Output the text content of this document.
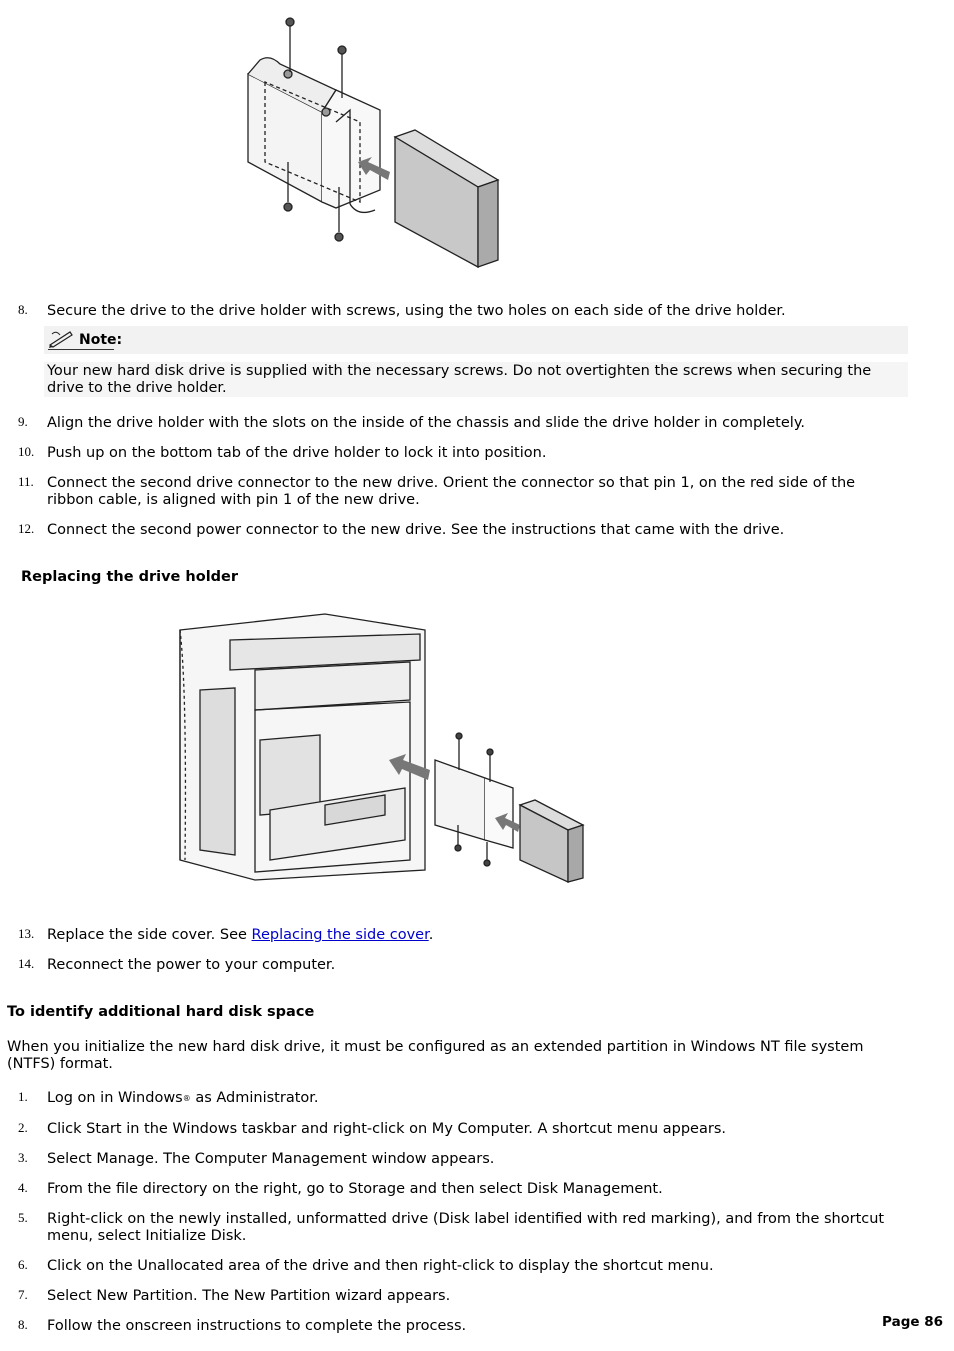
8. Secure the drive to the drive holder with screws, using the two holes on each side of the drive holder.
Note:
Your new hard disk drive is supplied with the necessary screws. Do not overtighten the screws when securing the drive to the drive holder.
9. Align the drive holder with the slots on the inside of the chassis and slide the drive holder in completely.
10. Push up on the bottom tab of the drive holder to lock it into position.
11. Connect the second drive connector to the new drive. Orient the connector so that pin 1, on the red side of the ribbon cable, is aligned with pin 1 of the new drive.
12. Connect the second power connector to the new drive. See the instructions that came with the drive.
Replacing the drive holder
13. Replace the side cover. See Replacing the side cover.
14. Reconnect the power to your computer.
To identify additional hard disk space
When you initialize the new hard disk drive, it must be configured as an extended partition in Windows NT file system (NTFS) format.
1. Log on in Windows® as Administrator.
2. Click Start in the Windows taskbar and right-click on My Computer. A shortcut menu appears.
3. Select Manage. The Computer Management window appears.
4. From the file directory on the right, go to Storage and then select Disk Management.
5. Right-click on the newly installed, unformatted drive (Disk label identified with red marking), and from the shortcut menu, select Initialize Disk.
6. Click on the Unallocated area of the drive and then right-click to display the shortcut menu.
7. Select New Partition. The New Partition wizard appears.
8. Follow the onscreen instructions to complete the process.	Page 86
